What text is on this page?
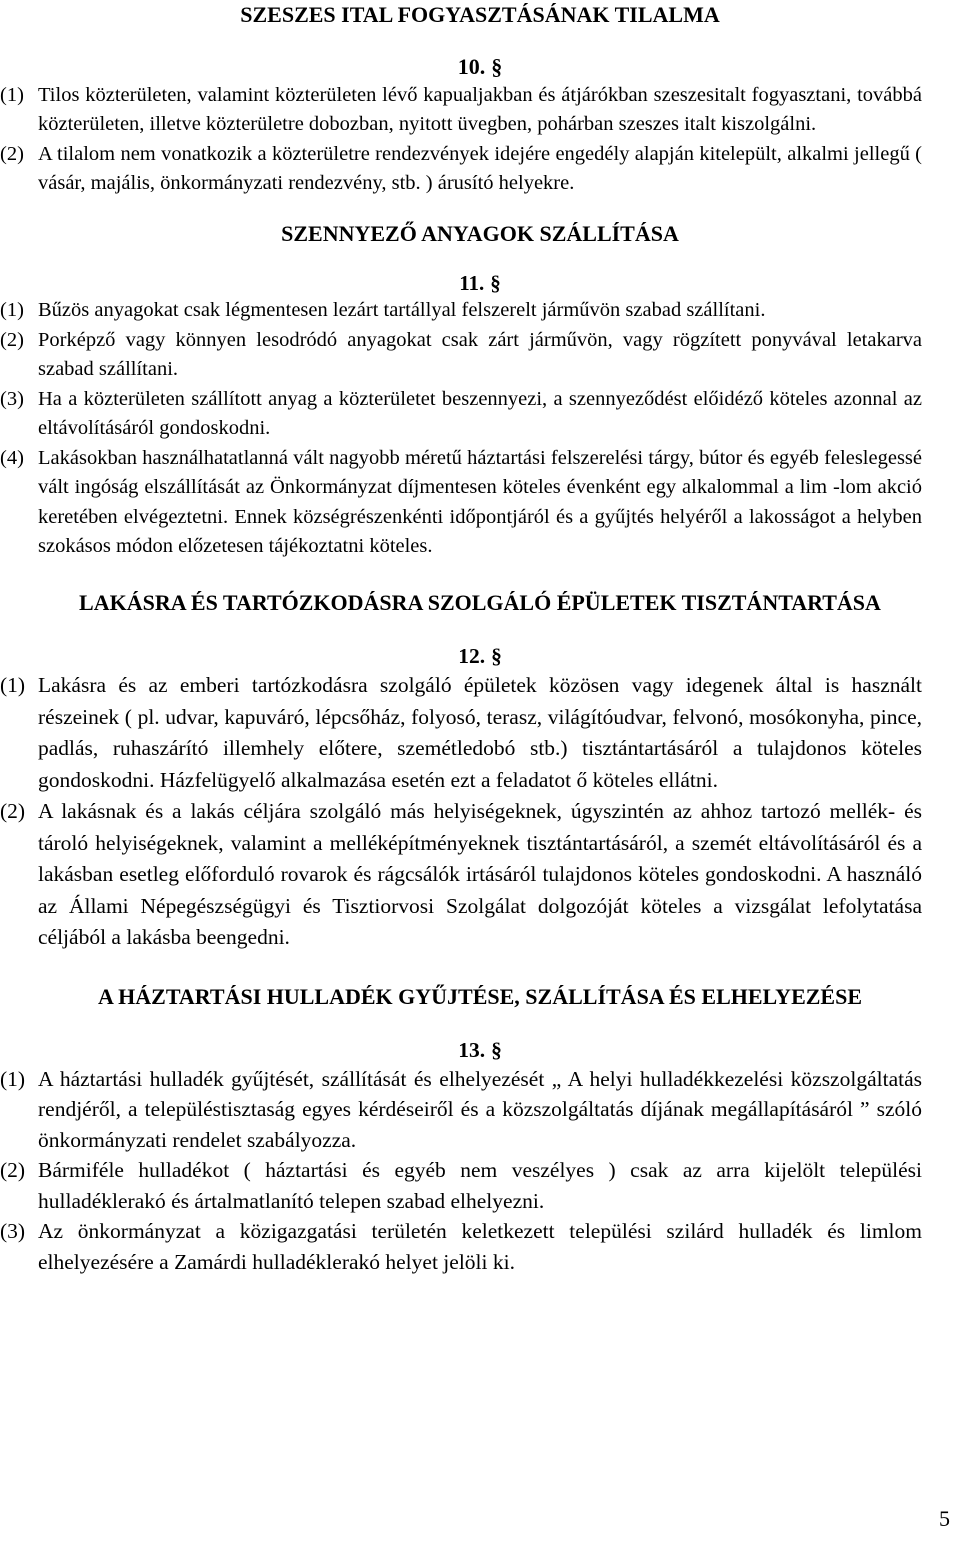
SZESZES ITAL FOGYASZTÁSÁNAK TILALMA

10. §

(1) Tilos közterületen, valamint közterületen lévő kapualjakban és átjárókban szeszesitalt fogyasztani, továbbá közterületen, illetve közterületre dobozban, nyitott üvegben, pohárban szeszes italt kiszolgálni.

(2) A tilalom nem vonatkozik a közterületre rendezvények idejére engedély alapján kitelepült, alkalmi jellegű ( vásár, majális, önkormányzati rendezvény, stb. ) árusító helyekre.

SZENNYEZŐ ANYAGOK SZÁLLÍTÁSA

11. §

(1) Bűzös anyagokat csak légmentesen lezárt tartállyal felszerelt járművön szabad szállítani.

(2) Porképző vagy könnyen lesodródó anyagokat csak zárt járművön, vagy rögzített ponyvával letakarva szabad szállítani.

(3) Ha a közterületen szállított anyag a közterületet beszennyezi, a szennyeződést előidéző köteles azonnal az eltávolításáról gondoskodni.

(4) Lakásokban használhatatlanná vált nagyobb méretű háztartási felszerelési tárgy, bútor és egyéb feleslegessé vált ingóság elszállítását az Önkormányzat díjmentesen köteles évenként egy alkalommal a lim -lom akció keretében elvégeztetni. Ennek községrészenkénti időpontjáról és a gyűjtés helyéről a lakosságot a helyben szokásos módon előzetesen tájékoztatni köteles.

LAKÁSRA ÉS TARTÓZKODÁSRA SZOLGÁLÓ ÉPÜLETEK TISZTÁNTARTÁSA

12. §

(1) Lakásra és az emberi tartózkodásra szolgáló épületek közösen vagy idegenek által is használt részeinek ( pl. udvar, kapuváró, lépcsőház, folyosó, terasz, világítóudvar, felvonó, mosókonyha, pince, padlás, ruhaszárító illemhely előtere, szemétledobó stb.) tisztántartásáról a tulajdonos köteles gondoskodni. Házfelügyelő alkalmazása esetén ezt a feladatot ő köteles ellátni.

(2) A lakásnak és a lakás céljára szolgáló más helyiségeknek, úgyszintén az ahhoz tartozó mellék- és tároló helyiségeknek, valamint a melléképítményeknek tisztántartásáról, a szemét eltávolításáról és a lakásban esetleg előforduló rovarok és rágcsálók irtásáról tulajdonos köteles gondoskodni. A használó az Állami Népegészségügyi és Tisztiorvosi Szolgálat dolgozóját köteles a vizsgálat lefolytatása céljából a lakásba beengedni.

A HÁZTARTÁSI HULLADÉK GYŰJTÉSE, SZÁLLÍTÁSA ÉS ELHELYEZÉSE

13. §

(1) A háztartási hulladék gyűjtését, szállítását és elhelyezését „ A helyi hulladékkezelési közszolgáltatás rendjéről, a településtisztaság egyes kérdéseiről és a közszolgáltatás díjának megállapításáról ” szóló önkormányzati rendelet szabályozza.

(2) Bármiféle hulladékot ( háztartási és egyéb nem veszélyes ) csak az arra kijelölt települési hulladéklerakó és ártalmatlanító telepen szabad elhelyezni.

(3) Az önkormányzat a közigazgatási területén keletkezett települési szilárd hulladék és limlom elhelyezésére a Zamárdi hulladéklerakó helyet jelöli ki.

5
